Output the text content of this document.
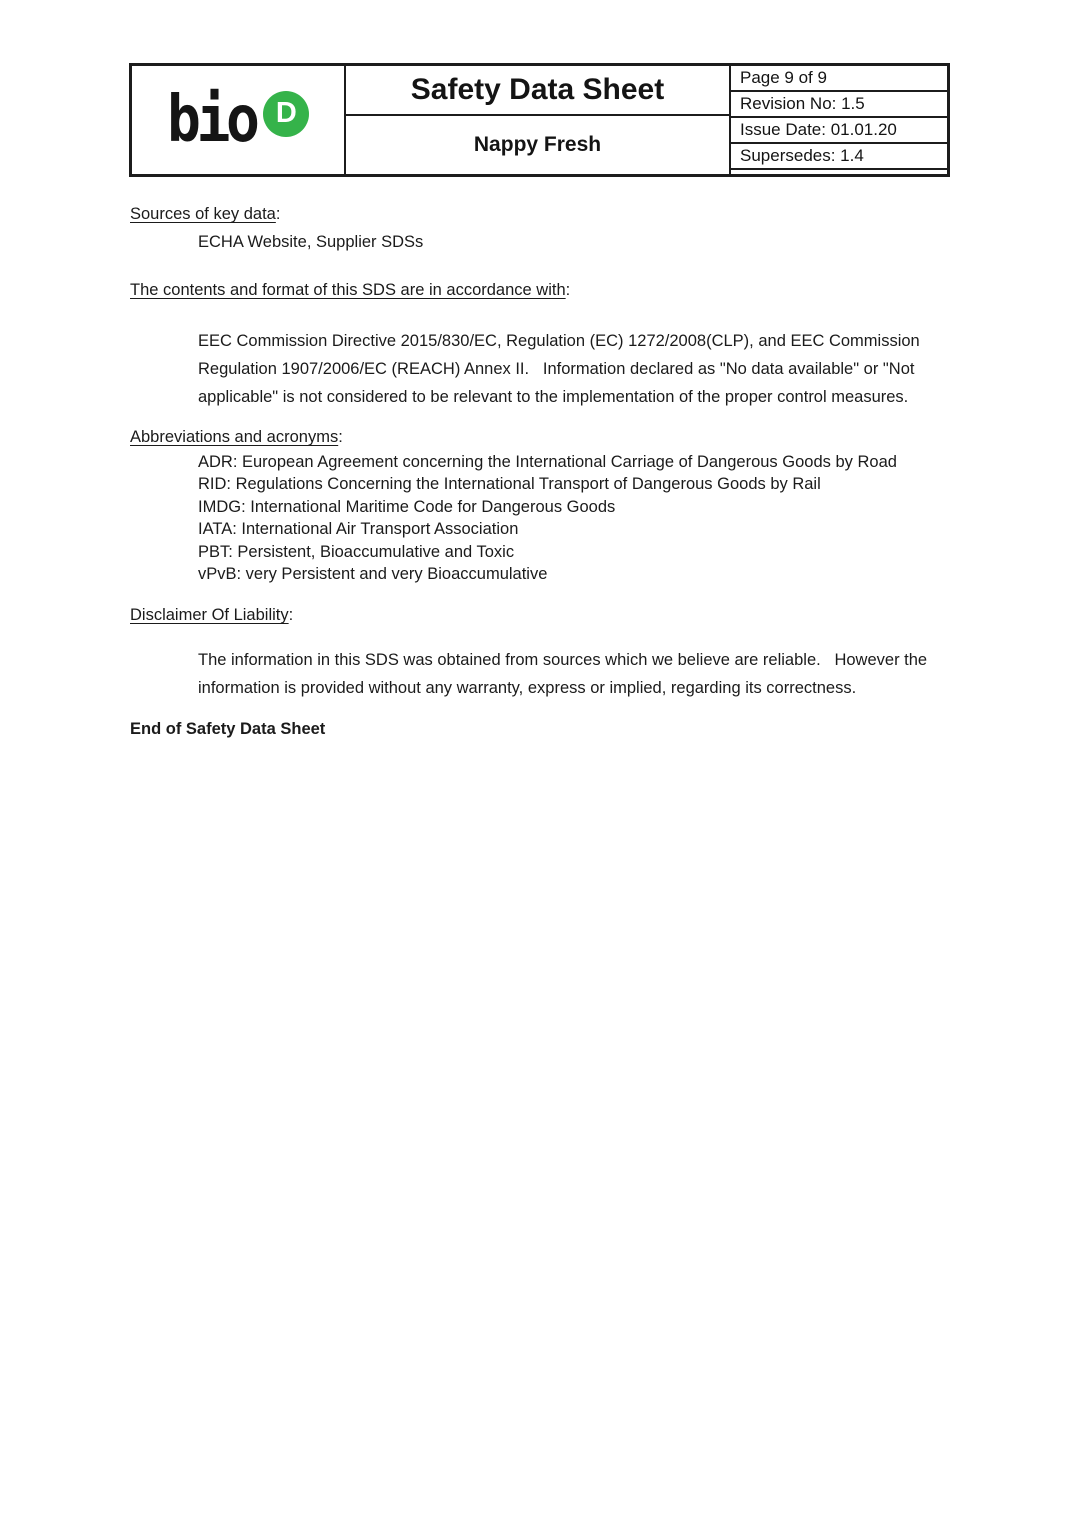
bio D
Safety Data Sheet
Nappy Fresh
Page 9 of 9
Revision No: 1.5
Issue Date: 01.01.20
Supersedes: 1.4
Sources of key data:
ECHA Website, Supplier SDSs
The contents and format of this SDS are in accordance with:
EEC Commission Directive 2015/830/EC, Regulation (EC) 1272/2008(CLP), and EEC Commission
Regulation 1907/2006/EC (REACH) Annex II.   Information declared as "No data available" or "Not
applicable" is not considered to be relevant to the implementation of the proper control measures.
Abbreviations and acronyms:
ADR: European Agreement concerning the International Carriage of Dangerous Goods by Road
RID: Regulations Concerning the International Transport of Dangerous Goods by Rail
IMDG: International Maritime Code for Dangerous Goods
IATA: International Air Transport Association
PBT: Persistent, Bioaccumulative and Toxic
vPvB: very Persistent and very Bioaccumulative
Disclaimer Of Liability:
The information in this SDS was obtained from sources which we believe are reliable.   However the
information is provided without any warranty, express or implied, regarding its correctness.
End of Safety Data Sheet
